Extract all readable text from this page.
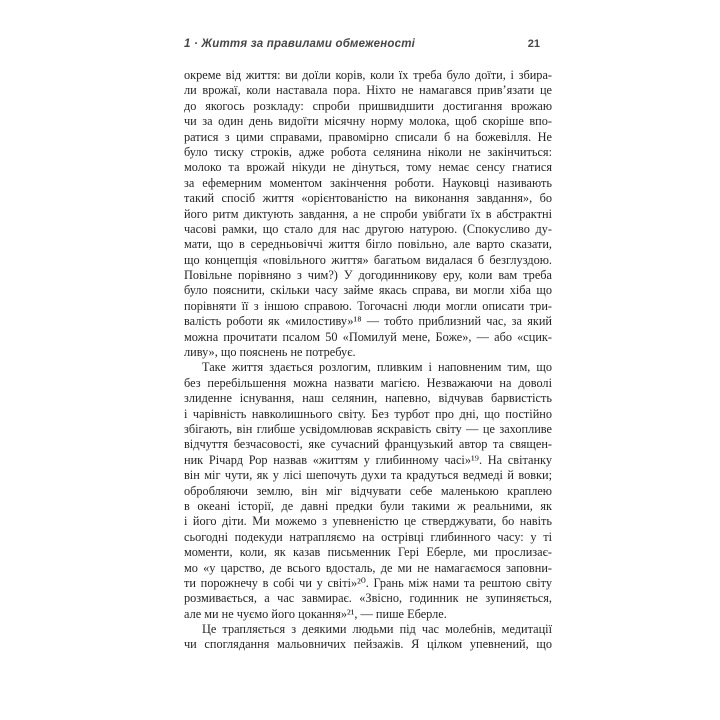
1 · Життя за правилами обмеженості	21
окреме від життя: ви доїли корів, коли їх треба було доїти, і збира-
ли врожаї, коли наставала пора. Ніхто не намагався прив’язати це
до якогось розкладу: спроби пришвидшити достигання врожаю
чи за один день видоїти місячну норму молока, щоб скоріше впо-
ратися з цими справами, правомірно списали б на божевілля. Не
було тиску строків, адже робота селянина ніколи не закінчиться:
молоко та врожай нікуди не дінуться, тому немає сенсу гнатися
за ефемерним моментом закінчення роботи. Науковці називають
такий спосіб життя «орієнтованістю на виконання завдання», бо
його ритм диктують завдання, а не спроби увібгати їх в абстрактні
часові рамки, що стало для нас другою натурою. (Спокусливо ду-
мати, що в середньовіччі життя бігло повільно, але варто сказати,
що концепція «повільного життя» багатьом видалася б безглуздою.
Повільне порівняно з чим?) У догодинникову еру, коли вам треба
було пояснити, скільки часу займе якась справа, ви могли хіба що
порівняти її з іншою справою. Тогочасні люди могли описати три-
валість роботи як «милостиву»¹⁸ — тобто приблизний час, за який
можна прочитати псалом 50 «Помилуй мене, Боже», — або «сцик-
ливу», що пояснень не потребує.
Таке життя здається розлогим, пливким і наповненим тим, що
без перебільшення можна назвати магією. Незважаючи на доволі
злиденне існування, наш селянин, напевно, відчував барвистість
і чарівність навколишнього світу. Без турбот про дні, що постійно
збігають, він глибше усвідомлював яскравість світу — це захопливе
відчуття безчасовості, яке сучасний французький автор та священ-
ник Річард Рор назвав «життям у глибинному часі»¹⁹. На світанку
він міг чути, як у лісі шепочуть духи та крадуться ведмеді й вовки;
обробляючи землю, він міг відчувати себе маленькою краплею
в океані історії, де давні предки були такими ж реальними, як
і його діти. Ми можемо з упевненістю це стверджувати, бо навіть
сьогодні подекуди натрапляємо на острівці глибинного часу: у ті
моменти, коли, як казав письменник Гері Еберле, ми прослизає-
мо «у царство, де всього вдосталь, де ми не намагаємося заповни-
ти порожнечу в собі чи у світі»²⁰. Грань між нами та рештою світу
розмивається, а час завмирає. «Звісно, годинник не зупиняється,
але ми не чуємо його цокання»²¹, — пише Еберле.
Це трапляється з деякими людьми під час молебнів, медитації
чи споглядання мальовничих пейзажів. Я цілком упевнений, що
